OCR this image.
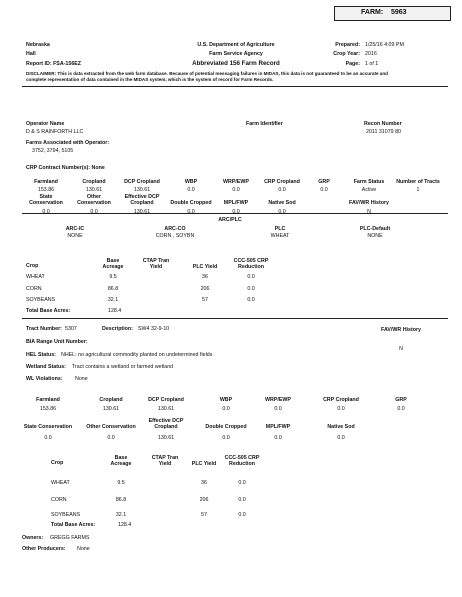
FARM: 5963
Nebraska
Hall
Report ID: FSA-156EZ
U.S. Department of Agriculture
Farm Service Agency
Abbreviated 156 Farm Record
Prepared: 1/25/16 4:09 PM
Crop Year: 2016
Page: 1 of 1
DISCLAIMER: This is data extracted from the web farm database. Because of potential messaging failures in MIDAS, this data is not guaranteed to be an accurate and
complete representation of data contained in the MIDAS system, which is the system of record for Farm Records.
Operator Name
D & S RAINFORTH LLC
Farm Identifier	Recon Number
2011 31079 80
Farms Associated with Operator:
3752, 3794, 5105
CRP Contract Number(s): None
Farmland	Cropland	DCP Cropland	WBP	WRP/EWP	CRP Cropland	GRP	Farm Status	Number of Tracts
153.86	130.61	130.61	0.0	0.0	0.0	0.0	Active	1
State Conservation
Other Conservation
Effective DCP Cropland	Double Cropped	MPL/FWP	Native Sod	FAV/WR History
0.0	0.0	130.61	0.0	0.0	0.0	N
ARC/PLC
ARC-IC	ARC-CO	PLC	PLC-Default
NONE	CORN , SOYBN	WHEAT	NONE
Crop
Base Acreage
CTAP Tran Yield	PLC Yield
CCC-505 CRP Reduction
WHEAT	9.5	36	0.0
CORN	86.8	206	0.0
SOYBEANS	32.1	57	0.0
Total Base Acres:	128.4
Tract Number: 5307	Description: SW4 32-9-10	FAV/WR History
N
BIA Range Unit Number:
HEL Status: NHEL: no agricultural commodity planted on undetermined fields
Wetland Status: Tract contains a wetland or farmed wetland
WL Violations: None
Farmland	Cropland	DCP Cropland	WBP	WRP/EWP	CRP Cropland	GRP
153.86	130.61	130.61	0.0	0.0	0.0	0.0
State Conservation	Other Conservation
Effective DCP Cropland	Double Cropped	MPL/FWP	Native Sod
0.0	0.0	130.61	0.0	0.0	0.0
Crop
Base Acreage
CTAP Tran Yield	PLC Yield
CCC-505 CRP Reduction
WHEAT	9.5	36	0.0
CORN	86.8	206	0.0
SOYBEANS	32.1	57	0.0
Total Base Acres:	128.4
Owners: GREGG FARMS
Other Producers: None
